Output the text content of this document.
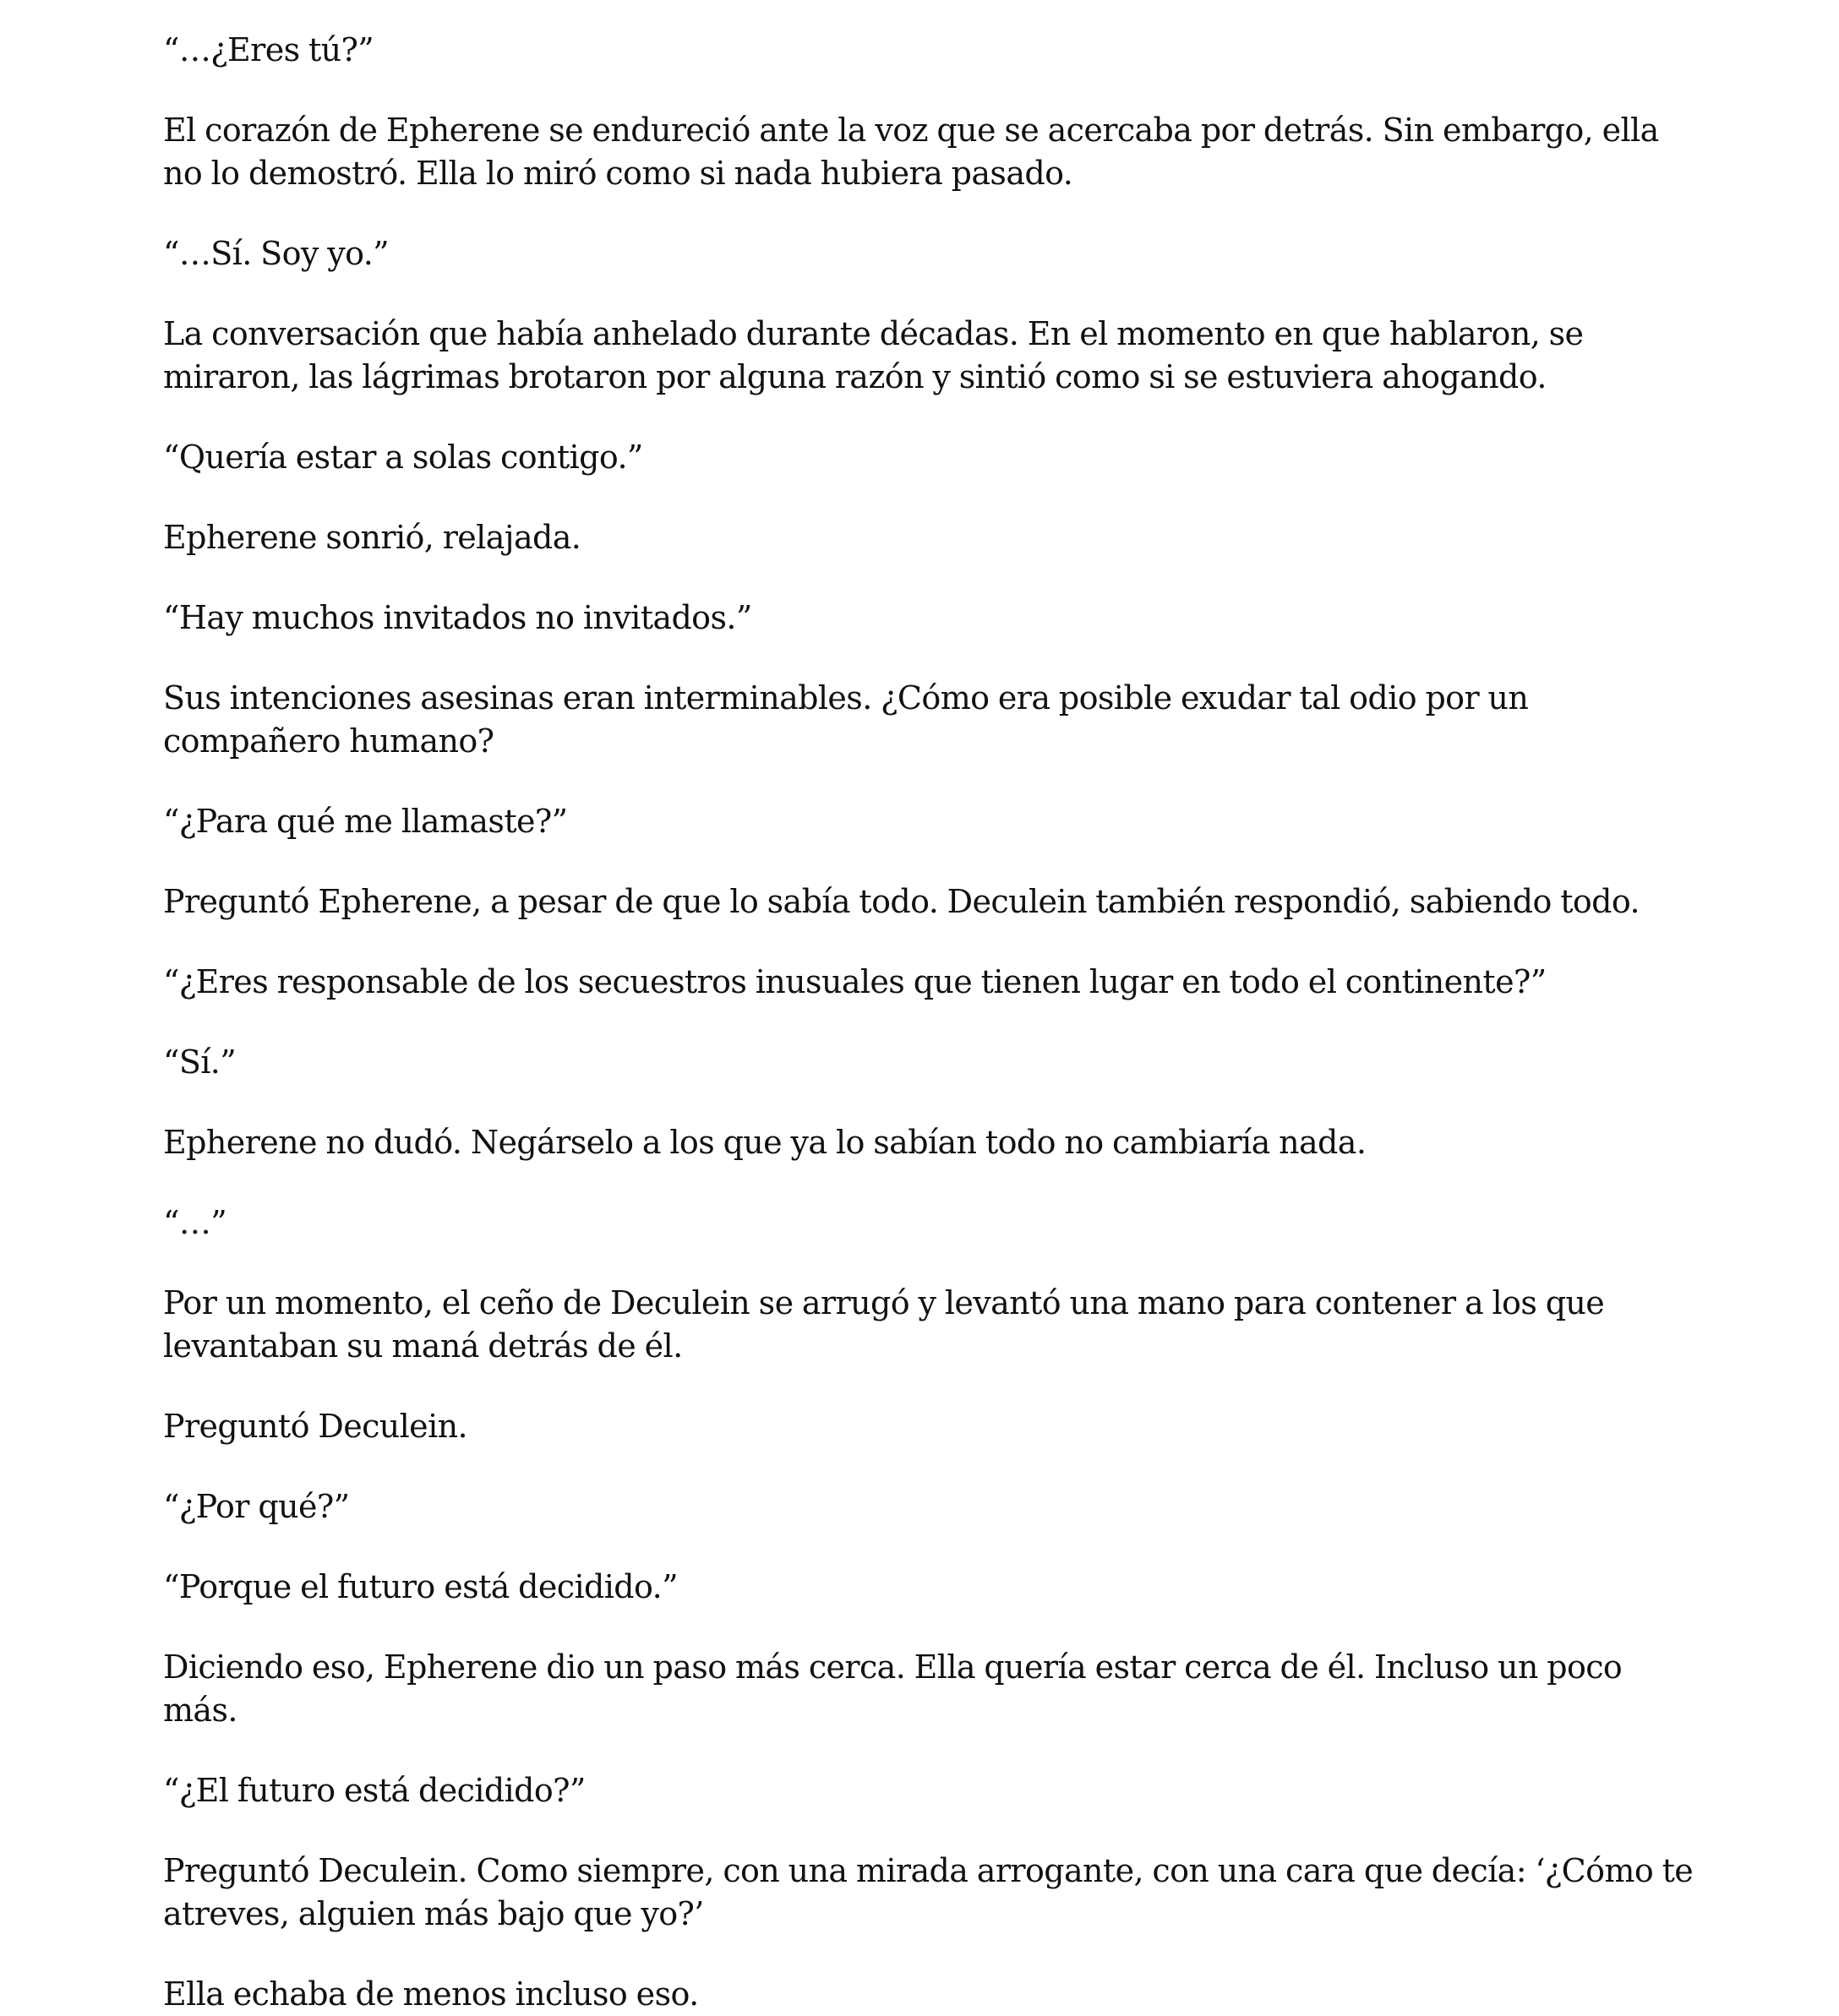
“…¿Eres tú?”

El corazón de Epherene se endureció ante la voz que se acercaba por detrás. Sin embargo, ella no lo demostró. Ella lo miró como si nada hubiera pasado.

“…Sí. Soy yo.”

La conversación que había anhelado durante décadas. En el momento en que hablaron, se miraron, las lágrimas brotaron por alguna razón y sintió como si se estuviera ahogando.

“Quería estar a solas contigo.”

Epherene sonrió, relajada.

“Hay muchos invitados no invitados.”

Sus intenciones asesinas eran interminables. ¿Cómo era posible exudar tal odio por un compañero humano?

“¿Para qué me llamaste?”

Preguntó Epherene, a pesar de que lo sabía todo. Deculein también respondió, sabiendo todo.

“¿Eres responsable de los secuestros inusuales que tienen lugar en todo el continente?”

“Sí.”

Epherene no dudó. Negárselo a los que ya lo sabían todo no cambiaría nada.

“…”

Por un momento, el ceño de Deculein se arrugó y levantó una mano para contener a los que levantaban su maná detrás de él.

Preguntó Deculein.

“¿Por qué?”

“Porque el futuro está decidido.”

Diciendo eso, Epherene dio un paso más cerca. Ella quería estar cerca de él. Incluso un poco más.

“¿El futuro está decidido?”

Preguntó Deculein. Como siempre, con una mirada arrogante, con una cara que decía: ‘¿Cómo te atreves, alguien más bajo que yo?’

Ella echaba de menos incluso eso.
